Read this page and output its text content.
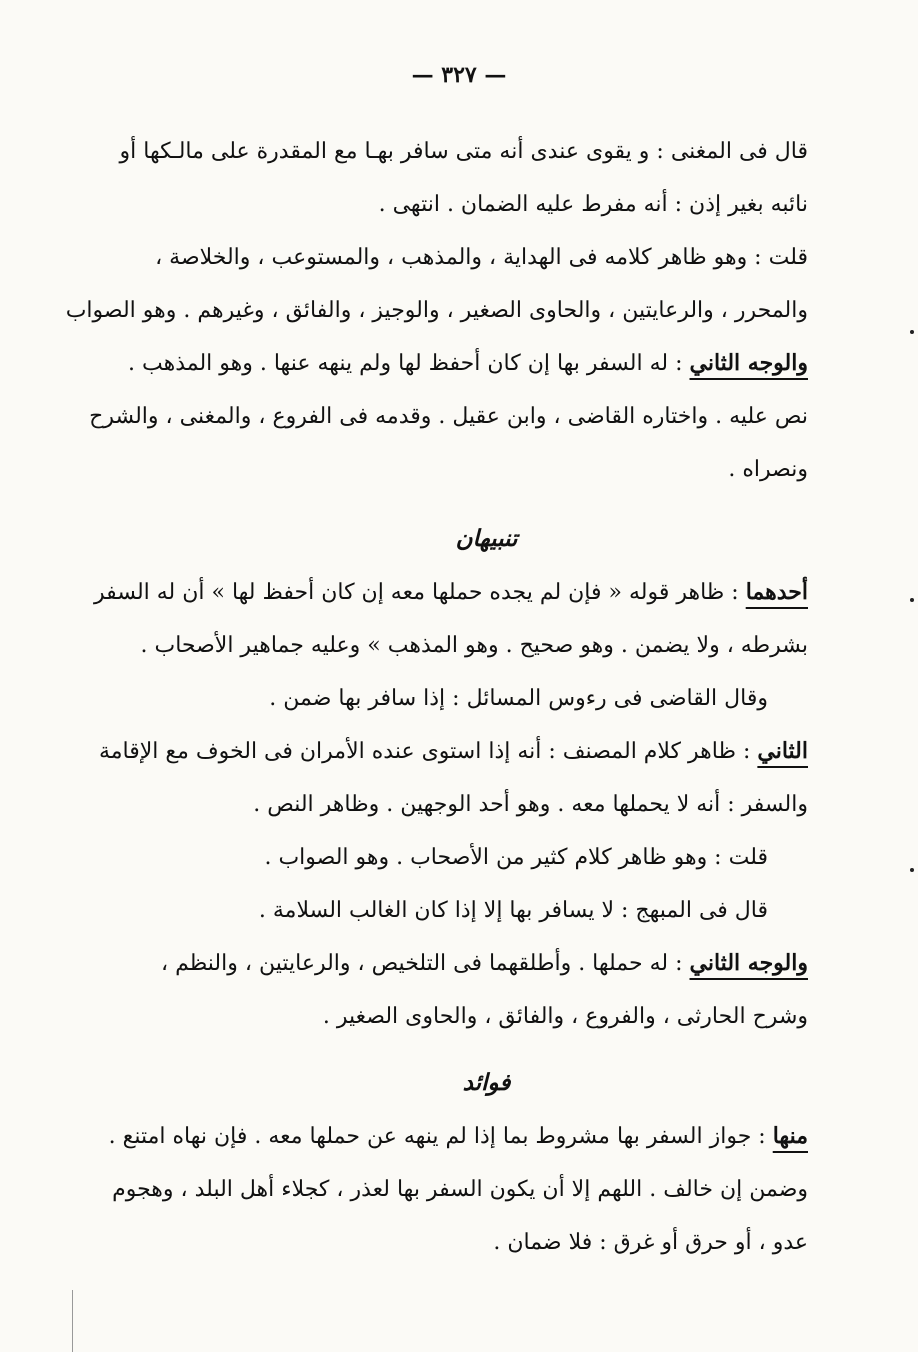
— ٣٢٧ —
قال فى المغنى : و يقوى عندى أنه متى سافر بهـا مع المقدرة على مالـكها أو
نائبه بغير إذن : أنه مفرط عليه الضمان . انتهى .
قلت : وهو ظاهر كلامه فى الهداية ، والمذهب ، والمستوعب ، والخلاصة ،
والمحرر ، والرعايتين ، والحاوى الصغير ، والوجيز ، والفائق ، وغيرهم . وهو الصواب
والوجه الثاني : له السفر بها إن كان أحفظ لها ولم ينهه عنها . وهو المذهب .
نص عليه . واختاره القاضى ، وابن عقيل . وقدمه فى الفروع ، والمغنى ، والشرح
ونصراه .
تنبيهان
أحدهما : ظاهر قوله « فإن لم يجده حملها معه إن كان أحفظ لها » أن له السفر
بشرطه ، ولا يضمن . وهو صحيح . وهو المذهب » وعليه جماهير الأصحاب .
وقال القاضى فى رءوس المسائل : إذا سافر بها ضمن .
الثاني : ظاهر كلام المصنف : أنه إذا استوى عنده الأمران فى الخوف مع الإقامة
والسفر : أنه لا يحملها معه . وهو أحد الوجهين . وظاهر النص .
قلت : وهو ظاهر كلام كثير من الأصحاب . وهو الصواب .
قال فى المبهج : لا يسافر بها إلا إذا كان الغالب السلامة .
والوجه الثاني : له حملها . وأطلقهما فى التلخيص ، والرعايتين ، والنظم ،
وشرح الحارثى ، والفروع ، والفائق ، والحاوى الصغير .
فوائد
منها : جواز السفر بها مشروط بما إذا لم ينهه عن حملها معه . فإن نهاه امتنع .
وضمن إن خالف . اللهم إلا أن يكون السفر بها لعذر ، كجلاء أهل البلد ، وهجوم
عدو ، أو حرق أو غرق : فلا ضمان .
